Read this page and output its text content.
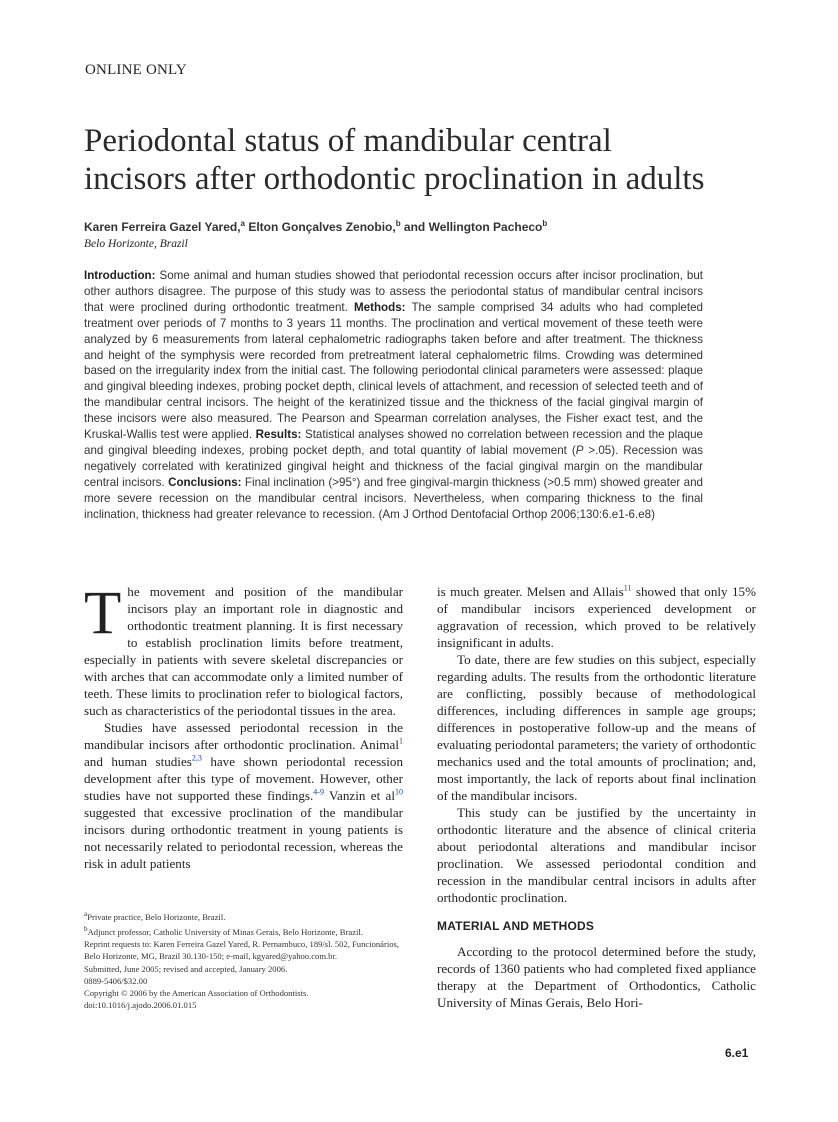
ONLINE ONLY
Periodontal status of mandibular central
incisors after orthodontic proclination in adults
Karen Ferreira Gazel Yared,$^a$ Elton Gonçalves Zenobio,$^b$ and Wellington Pacheco$^b$
Belo Horizonte, Brazil
Introduction: Some animal and human studies showed that periodontal recession occurs after incisor proclination, but other authors disagree. The purpose of this study was to assess the periodontal status of mandibular central incisors that were proclined during orthodontic treatment. Methods: The sample comprised 34 adults who had completed treatment over periods of 7 months to 3 years 11 months. The proclination and vertical movement of these teeth were analyzed by 6 measurements from lateral cephalometric radiographs taken before and after treatment. The thickness and height of the symphysis were recorded from pretreatment lateral cephalometric films. Crowding was determined based on the irregularity index from the initial cast. The following periodontal clinical parameters were assessed: plaque and gingival bleeding indexes, probing pocket depth, clinical levels of attachment, and recession of selected teeth and of the mandibular central incisors. The height of the keratinized tissue and the thickness of the facial gingival margin of these incisors were also measured. The Pearson and Spearman correlation analyses, the Fisher exact test, and the Kruskal-Wallis test were applied. Results: Statistical analyses showed no correlation between recession and the plaque and gingival bleeding indexes, probing pocket depth, and total quantity of labial movement (P >.05). Recession was negatively correlated with keratinized gingival height and thickness of the facial gingival margin on the mandibular central incisors. Conclusions: Final inclination (>95°) and free gingival-margin thickness (>0.5 mm) showed greater and more severe recession on the mandibular central incisors. Nevertheless, when comparing thickness to the final inclination, thickness had greater relevance to recession. (Am J Orthod Dentofacial Orthop 2006;130:6.e1-6.e8)

The movement and position of the mandibular incisors play an important role in diagnostic and orthodontic treatment planning. It is first necessary to establish proclination limits before treatment, especially in patients with severe skeletal discrepancies or with arches that can accommodate only a limited number of teeth. These limits to proclination refer to biological factors, such as characteristics of the periodontal tissues in the area.

Studies have assessed periodontal recession in the mandibular incisors after orthodontic proclination. Animal$^1$ and human studies$^{2,3}$ have shown periodontal recession development after this type of movement. However, other studies have not supported these findings.$^{4-9}$ Vanzin et al$^{10}$ suggested that excessive proclination of the mandibular incisors during orthodontic treatment in young patients is not necessarily related to periodontal recession, whereas the risk in adult patients

$^a$Private practice, Belo Horizonte, Brazil.
$^b$Adjunct professor, Catholic University of Minas Gerais, Belo Horizonte, Brazil.
Reprint requests to: Karen Ferreira Gazel Yared, R. Pernambuco, 189/sl. 502, Funcionários, Belo Horizonte, MG, Brazil 30.130-150; e-mail, kgyared@yahoo.com.br.
Submitted, June 2005; revised and accepted, January 2006.
0889-5406/$32.00
Copyright © 2006 by the American Association of Orthodontists.
doi:10.1016/j.ajodo.2006.01.015

is much greater. Melsen and Allais$^{11}$ showed that only 15% of mandibular incisors experienced development or aggravation of recession, which proved to be relatively insignificant in adults.

To date, there are few studies on this subject, especially regarding adults. The results from the orthodontic literature are conflicting, possibly because of methodological differences, including differences in sample age groups; differences in postoperative follow-up and the means of evaluating periodontal parameters; the variety of orthodontic mechanics used and the total amounts of proclination; and, most importantly, the lack of reports about final inclination of the mandibular incisors.

This study can be justified by the uncertainty in orthodontic literature and the absence of clinical criteria about periodontal alterations and mandibular incisor proclination. We assessed periodontal condition and recession in the mandibular central incisors in adults after orthodontic proclination.

MATERIAL AND METHODS

According to the protocol determined before the study, records of 1360 patients who had completed fixed appliance therapy at the Department of Orthodontics, Catholic University of Minas Gerais, Belo Hori-

6.e1
